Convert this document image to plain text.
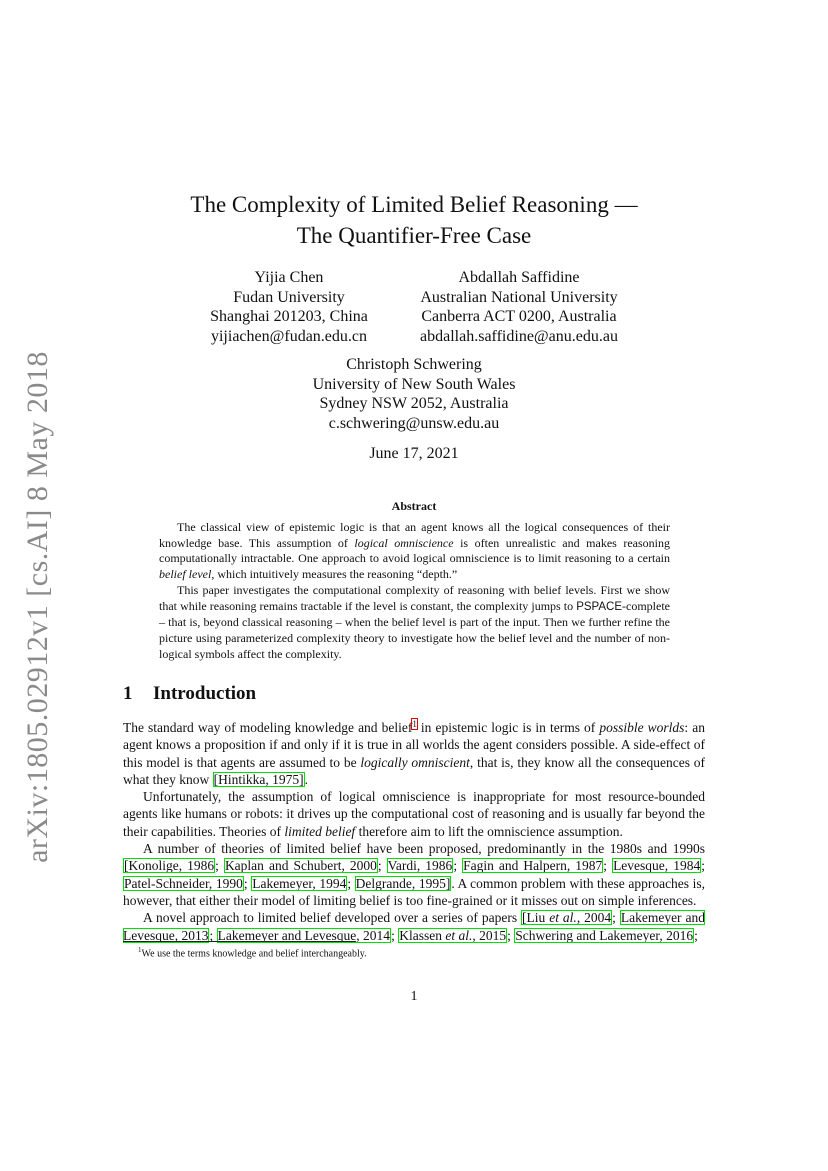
arXiv:1805.02912v1 [cs.AI] 8 May 2018
The Complexity of Limited Belief Reasoning —
The Quantifier-Free Case
Yijia Chen
Fudan University
Shanghai 201203, China
yijiachen@fudan.edu.cn
Abdallah Saffidine
Australian National University
Canberra ACT 0200, Australia
abdallah.saffidine@anu.edu.au
Christoph Schwering
University of New South Wales
Sydney NSW 2052, Australia
c.schwering@unsw.edu.au
June 17, 2021
Abstract

The classical view of epistemic logic is that an agent knows all the logical consequences of their knowledge base. This assumption of logical omniscience is often unrealistic and makes reasoning computationally intractable. One approach to avoid logical omniscience is to limit reasoning to a certain belief level, which intuitively measures the reasoning “depth.”

This paper investigates the computational complexity of reasoning with belief levels. First we show that while reasoning remains tractable if the level is constant, the complexity jumps to PSPACE-complete – that is, beyond classical reasoning – when the belief level is part of the input. Then we further refine the picture using parameterized complexity theory to investigate how the belief level and the number of non-logical symbols affect the complexity.

1 Introduction

The standard way of modeling knowledge and belief$^1$ in epistemic logic is in terms of possible worlds: an agent knows a proposition if and only if it is true in all worlds the agent considers possible. A side-effect of this model is that agents are assumed to be logically omniscient, that is, they know all the consequences of what they know [Hintikka, 1975].

Unfortunately, the assumption of logical omniscience is inappropriate for most resource-bounded agents like humans or robots: it drives up the computational cost of reasoning and is usually far beyond the their capabilities. Theories of limited belief therefore aim to lift the omniscience assumption.

A number of theories of limited belief have been proposed, predominantly in the 1980s and 1990s [Konolige, 1986; Kaplan and Schubert, 2000; Vardi, 1986; Fagin and Halpern, 1987; Levesque, 1984; Patel-Schneider, 1990; Lakemeyer, 1994; Delgrande, 1995]. A common problem with these approaches is, however, that either their model of limiting belief is too fine-grained or it misses out on simple inferences.

A novel approach to limited belief developed over a series of papers [Liu et al., 2004; Lakemeyer and Levesque, 2013; Lakemeyer and Levesque, 2014; Klassen et al., 2015; Schwering and Lakemeyer, 2016;

$^1$We use the terms knowledge and belief interchangeably.
1
